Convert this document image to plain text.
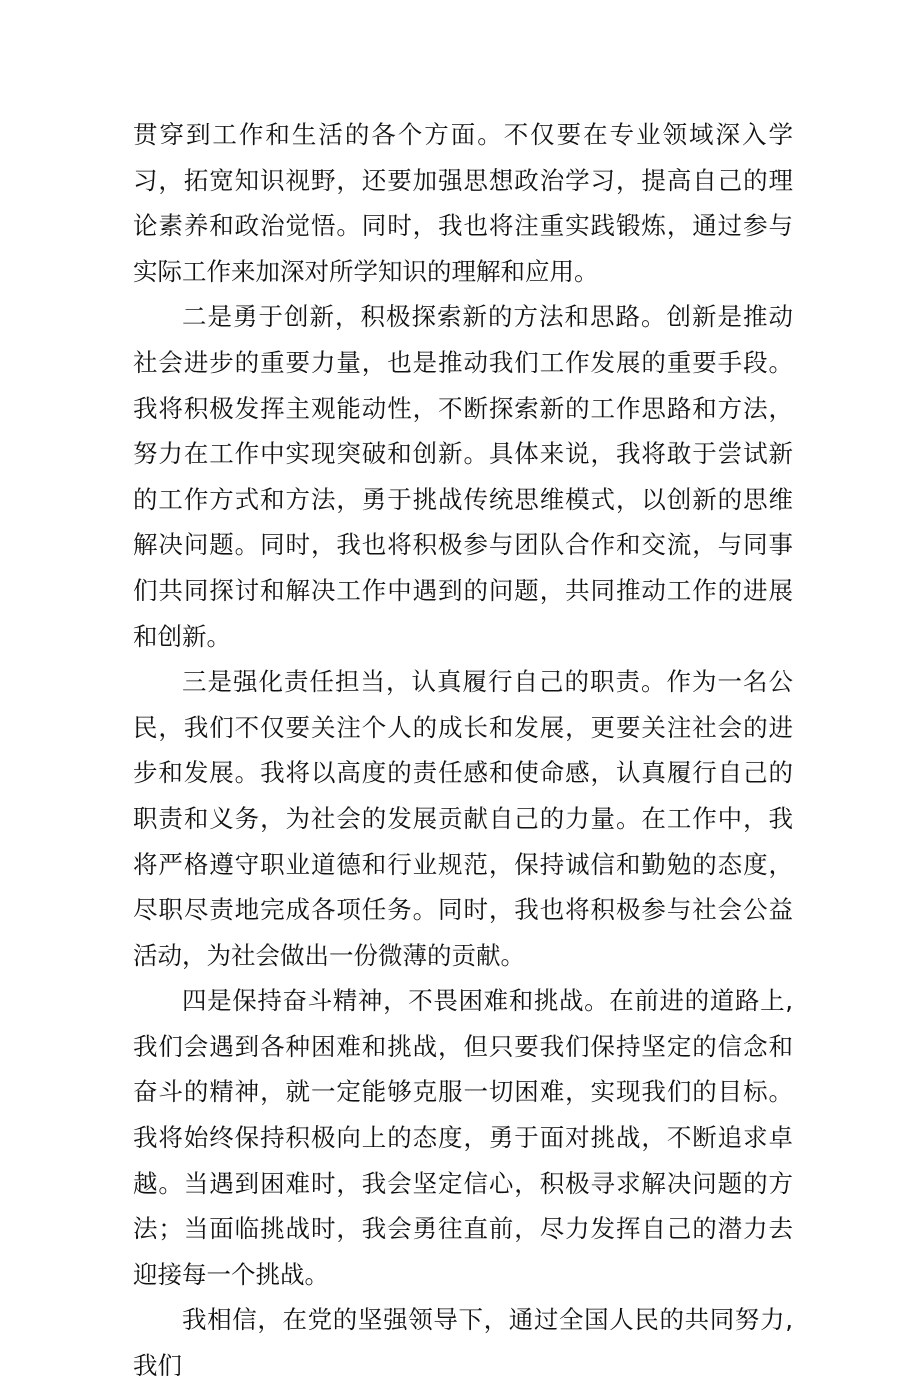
贯穿到工作和生活的各个方面。不仅要在专业领域深入学习，拓宽知识视野，还要加强思想政治学习，提高自己的理论素养和政治觉悟。同时，我也将注重实践锻炼，通过参与实际工作来加深对所学知识的理解和应用。

二是勇于创新，积极探索新的方法和思路。创新是推动社会进步的重要力量，也是推动我们工作发展的重要手段。我将积极发挥主观能动性，不断探索新的工作思路和方法，努力在工作中实现突破和创新。具体来说，我将敢于尝试新的工作方式和方法，勇于挑战传统思维模式，以创新的思维解决问题。同时，我也将积极参与团队合作和交流，与同事们共同探讨和解决工作中遇到的问题，共同推动工作的进展和创新。

三是强化责任担当，认真履行自己的职责。作为一名公民，我们不仅要关注个人的成长和发展，更要关注社会的进步和发展。我将以高度的责任感和使命感，认真履行自己的职责和义务，为社会的发展贡献自己的力量。在工作中，我将严格遵守职业道德和行业规范，保持诚信和勤勉的态度，尽职尽责地完成各项任务。同时，我也将积极参与社会公益活动，为社会做出一份微薄的贡献。

四是保持奋斗精神，不畏困难和挑战。在前进的道路上,我们会遇到各种困难和挑战，但只要我们保持坚定的信念和奋斗的精神，就一定能够克服一切困难，实现我们的目标。我将始终保持积极向上的态度，勇于面对挑战，不断追求卓越。当遇到困难时，我会坚定信心，积极寻求解决问题的方法；当面临挑战时，我会勇往直前，尽力发挥自己的潜力去迎接每一个挑战。

我相信，在党的坚强领导下，通过全国人民的共同努力,我们
